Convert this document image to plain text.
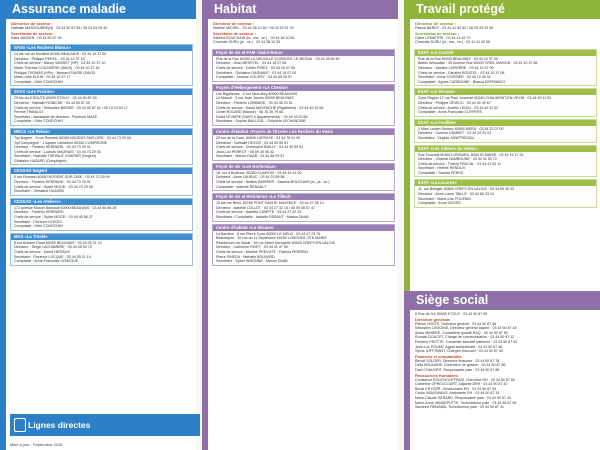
Assurance maladie
Directrice de secteur :
Nathalie MASSOUBRE(N) · 03 44 50 87 84 / 06 03 54 09 40
Secrétariat de secteur :
Katia JANSEN · 03 44 50 87 94
SAVS «Les Rochers Blancs»
14 bis rue du Moulinet 60180 BEAUVAIS · 03 44 10 37 00
Directeur : Philippe PEROL · 03 44 10 37 15
Chefs de service : Nancy VAISSET (HP) · 03 44 10 37 10
Marie-Thérèse COUSSIERE (SAVS) · 03 44 10 37 16
Philippe THOMAS (HPo) · Bernard FAURE (SAVS)
Marie-José KLEIN · 03 44 10 37 17
Comptable : Ortie COURCHAY
SAVS «Les Prairies»
29 bis du 8 ROUTE 60000 ETOUY · 03 44 50 87 00
Directrice : Nathalie ROBICHE · 03 44 50 87 00
Chefs de service : Sébastien BIESSE · 03 44 50 87 01 / 06 10 23 63 17
Perrine THIBAULT
Secrétaire / assistante de direction : Florence MAZE
Comptable : Ortie COURCHAY
MECS «Le Relais»
Tipi Nogent · 9 rue Rommel 60180 NOGENT-SUR-OISE · 03 44 73 29 00
Tipi Compiègne · 1 square Lamartine 60200 COMPIEGNE
Directeur : Frédéric HERRARD · 03 44 73 29 01
Chefs de service : Ludovic MAURAIS · 03 44 73 29 03
Secrétaire : Nathalie THEVAUT CHAPIER (Nogent)
Ghislaine HAZARD (Compiègne)
CESSAD Nogent
9 rue Rommel 60180 NOGENT-SUR-OISE · 03 44 73 29 09
Directeur : Frédéric HERRARD · 03 44 73 29 01
Chefs de service : Sylvie MOOD · 03 44 73 29 08
Secrétaire : Ghislaine HAZARD
CESSAD «Les Ateliers»
172 avenue Marcel Dassault 60000 BEAUVAIS · 03 44 45 86 28
Directeur : Frédéric HERRARD
Chefs de service : Sylvie MOOD · 03 44 45 86 27
Secrétaire : Florence LEGOIX
Comptable : Ortie COURCHAY
MAS «La Trinité»
8 rue Antoine Parat 60000 BEAUVAIS · 03 44 05 21 10
Directeur : Serge LACHAMBRE · 03 44 05 53 70
Chefs de service : David HIERAUX
Secrétaire : Florence LOCQUE · 03 44 05 21 14
Comptable : Anne-Françoise LENOGUE
Lignes directes
Mise à jour : Septembre 2016
Habitat
Directeur de secteur :
Martine MICHEL · 03 44 36 10 84 / 06 03 53 51 29
Secrétaire de secteur :
Sabrina BOUCHAIN (lu., ma., ve.) · 03 44 36 10 50
Charlotte DURU (je., ve.) · 03 44 38 10 55
Foyer de vie et FAM «Saint-Roux»
Rue de la Rue 60390 LA NEUVILLE DOSMONT LE MESNIL · 03 44 35 60 60
Directeur : Jean MESSTEL · 03 44 15 07 08
Chefs de service : Cédric PIREZ · 03 44 15 07 09
Secrétaire : Ghislaine GAGNANT · 03 44 15 07 00
Comptable : Josiane COUSSY · 03 44 65 09 57
Foyers d'Hébergement «Le Chemin»
Les Rigalleries · 2 rue Nina Abry 60000 BEAUVAIS
Le Manoir · 3 rue Jean Jaurès 60000 BEAUVAIS
Directeur : Frédéric LOMBARD · 03 44 45 20 51
Chefs de service : David MAYENCHE (Rigalleries) · 03 44 45 19 55
Lionel ROLAND (Manoir) · 06 75 30 79 66
David LEVAIRE (SAVS & Appartements) · 03 44 45 20 66
Secrétaire : Sophie BAILLEUL · Delphine LECHANOINE
Centre d'Habitat «Foyers de l'Ecole» Les Rochers du Vexin
20 rue de la Gare, 60690 LAFRAYE · 03 44 78 91 90
Directrice : Nathalie DEVOS · 03 44 50 59 51
Chefs de service : Christophe BAILLY · 03 44 49 59 54
Jean-Luc PERROT · 06 09 30 06 32
Secrétaire : Marion DAAB · 03 44 65 09 57
Foyer de vie «Les Hortensias»
18, rue d'Ardenne, 60280 CLAIROIX · 03 44 49 31 00
Directeur : Anne LAURAC · 03 44 23 89 68
Chefs de service : Nadine BARRIER · Sabrina BOUCHAIN (lu., je., ve.)
Comptable : Isabelle RENAULT
Foyer de vie et Résidence «Le Tilleul»
15 bis rue Bénil, 60780 PONT SAINTE MAXENCE · 03 44 27 58 10
Directeur : Isabelle COLLET · 03 44 27 32 15 / 06 09 58 57 47
Chefs de service : Isabelle CAMPTE · 03 44 27 32 10
Secrétaire / Comptable : Isabelle REBAUT · Marion DAAB
Centre d'habitat «Le Sécane»
La Barrière · 8 rue Pierre Curie 60000 LE MEUX · 03 44 47 23 75
Beauséjour · 10 rue du 11 Septembre 60160 LONGUEIL-STE-MARIE
Résidences du Valois · 45 rue Albert Denoyelle 60000 CREPY-EN-VALOIS
Directeur : Catherine RIVET · 03 44 41 47 60
Chefs de service : Martine PREVOST · Patricia PERREIN
Pierre PINEDA · Nathalie BOUVARD
Secrétaire : Sylvie SIMONNE · Marion DAAB
Travail protégé
Directeur de secteur :
Pascal BARDY · 03 44 41 62 62 / 06 03 25 29 08
Secrétariat de secteur :
Claire LEMAITRE · 03 44 41 62 70
Charlotte DURU (lu., ma., ve.) · 03 44 41 62 68
ESAT «Le Courtil»
Rue de la Rue 60000 BEAUVAIS · 03 44 10 37 00
Atelier délocalisé : 35 Avenue Rue 60000 CREIL MAISON · 03 44 10 37 86
Directeur : Martine LAPIERRE · 03 44 10 37 09
Chefs de service : Caroline BOISTEL · 03 44 10 37 06
Secrétaire : Anne COISSIER · 03 44 12 45 51
Comptable : Agnès CARBONNE · Bianca DEFRANCO
ESAT «Le Sécane»
Zone Region 17 rue Paul Jouvenet 60240 CHAUMONT-EN-VEXIN · 03 44 49 11 00
Directeur : Philippe GRISCO · 03 44 49 49 67
Chefs de service : Aurélie LELEU · 03 44 49 11 02
Comptable : Anne-Françoise CUYPERS
ESAT «La Feuillée»
1 Mise Loubet Seriaux 60600 MERU · 03 44 22 07 00
Directeur : Corinne DEMBET · 03 44 22 02 03
Secrétaire : Virginie JANFFRECAU
ESAT «Les Ateliers du Valois»
Rue Foucault 60160 LONGUEIL-SAINTE-MARIE · 03 44 41 17 34
Directeur : Chantal DAMBOUNE · 03 44 41 52 72
Chefs de service : Thierry FRUCAL · 03 44 41 52 11
Secrétaire : Hélène RENOUX
Comptable : Sandra PENCE
ESAT «La Lucarne»
11, rue Belligier 60800 CREPY-EN-VALOIS · 03 44 89 35 33
Directeur : Anne-Laure TAILLE · 03 44 80 33 24
Secrétaire : Marie-Lise FOUPAIN
Comptable : Anne GROSS
Siège social
6 Rue de l'Ur 60000 ETOUY · 03 44 50 87 00
Direction générale
Patrick HOSTE, Directeur général · 03 44 50 87 48
Sébastien LEMOINE, Directeur général adjoint · 03 44 50 87 48
Anaïs MINIÈRE, Conseillère qualité RAQ · 03 44 50 87 60
Romain DOUCET, Chargé de communication · 03 44 50 87 12
Frédéric PROTTE, Conseiller sécurité bâtiment · 03 44 50 87 63
Jean-Luc POUMY, Agent administratif · 03 44 50 87 48
Sylvie JOFFRIANT, Chargée d'accueil · 03 44 50 87 40
Finances et comptabilité
Benoit SOLDER, Directeur financier · 03 44 50 87 78
Delia BOUHANE, Contrôleur de gestion · 03 44 50 87 86
Dani CHAUVRIT, Responsable paie · 03 44 50 87 88
Ressources Humaines
Constance BOUCHOUFFRAIS, Directrice RH · 03 44 50 87 89
Catherine OPREUCOURT, Adjointe DRH · 03 44 50 87 42
Bertie KRYGER, Gestionnaire RH · 03 44 50 87 54
Cécile NUNGWANG, Assistante RH · 03 44 50 87 34
Marie-Claude GERARD, Responsable paie · 03 44 50 87 43
Marie-Anne VANDEPUTTE, Technicienne paie · 03 44 50 87 56
Sandrine REMAMA, Technicienne paie · 03 44 50 87 41
